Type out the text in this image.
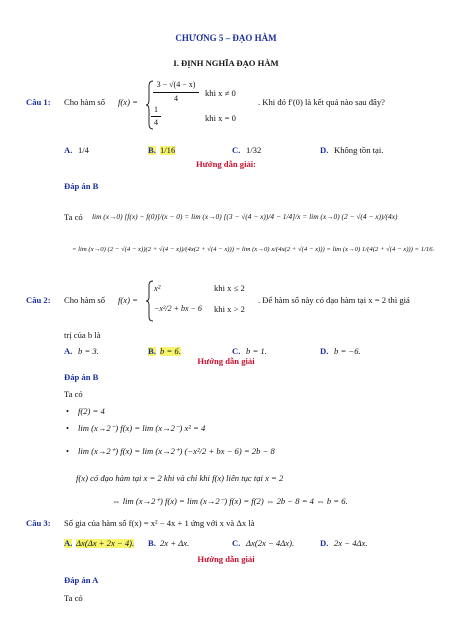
CHƯƠNG 5 – ĐẠO HÀM
I. ĐỊNH NGHĨA ĐẠO HÀM
Câu 1: Cho hàm số f(x) =
3 − √(4 − x)
4
khi x ≠ 0
1
4	khi x = 0
. Khi đó f′(0) là kết quả nào sau đây?
A. 1/4	B. 1/16	C. 1/32	D. Không tồn tại.
Hướng dẫn giải:
Đáp án B
Ta có lim (x→0) [f(x) − f(0)]/(x − 0) = lim (x→0) [(3 − √(4 − x))/4 − 1/4]/x = lim (x→0) (2 − √(4 − x))/(4x)
= lim (x→0) (2 − √(4 − x))(2 + √(4 − x))/(4x(2 + √(4 − x))) = lim (x→0) x/(4x(2 + √(4 − x))) = lim (x→0) 1/(4(2 + √(4 − x))) = 1/16.
Câu 2: Cho hàm số f(x) =
x²	khi x ≤ 2
−x²/2 + bx − 6 khi x > 2
. Để hàm số này có đạo hàm tại x = 2 thì giá
trị của b là
A. b = 3.	B. b = 6.	C. b = 1.	D. b = −6.
Hướng dẫn giải
Đáp án B
Ta có
• f(2) = 4
• lim (x→2⁻) f(x) = lim (x→2⁻) x² = 4
• lim (x→2⁺) f(x) = lim (x→2⁺) (−x²/2 + bx − 6) = 2b − 8
f(x) có đạo hàm tại x = 2 khi và chỉ khi f(x) liên tục tại x = 2
⇔ lim (x→2⁺) f(x) = lim (x→2⁻) f(x) = f(2) ⇔ 2b − 8 = 4 ⇔ b = 6.
Câu 3: Số gia của hàm số f(x) = x² − 4x + 1 ứng với x và Δx là
A. Δx(Δx + 2x − 4). B. 2x + Δx.	C. Δx(2x − 4Δx).	D. 2x − 4Δx.
Hướng dẫn giải
Đáp án A
Ta có
